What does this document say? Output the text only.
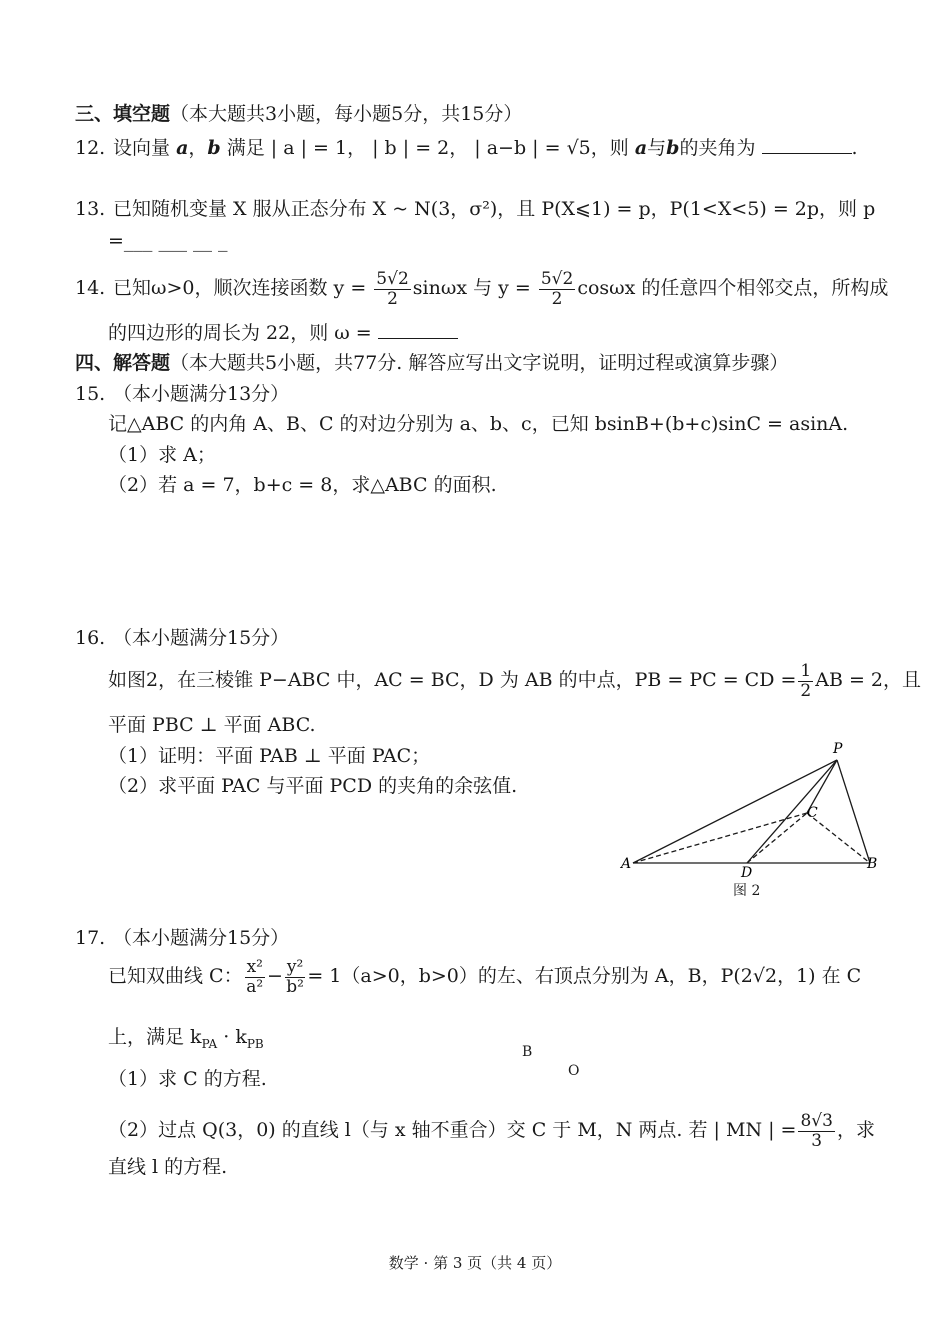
三、填空题（本大题共3小题，每小题5分，共15分）
12. 设向量 a，b 满足 | a | = 1， | b | = 2， | a−b | = √5，则 a与b的夹角为	.
13. 已知随机变量 X 服从正态分布 X ~ N(3，σ²)，且 P(X⩽1) = p，P(1<X<5) = 2p，则 p
=___ ___ __ _
14. 已知ω>0，顺次连接函数 $y = \frac{5√2}{2}$ sinωx 与 $y = \frac{5√2}{2}$ cosωx 的任意四个相邻交点，所构成
的四边形的周长为 22，则 ω =
四、解答题（本大题共5小题，共77分. 解答应写出文字说明，证明过程或演算步骤）
15. （本小题满分13分）
记△ABC 的内角 A、B、C 的对边分别为 a、b、c，已知 bsinB+(b+c)sinC = asinA.
（1）求 A；
（2）若 a = 7，b+c = 8，求△ABC 的面积.
16. （本小题满分15分）
如图2，在三棱锥 P−ABC 中，AC = BC，D 为 AB 的中点，PB = PC = CD = $\frac{1}{2}$ AB = 2，且
平面 PBC ⊥ 平面 ABC.
（1）证明：平面 PAB ⊥ 平面 PAC；
（2）求平面 PAC 与平面 PCD 的夹角的余弦值.
P
A	B
C
D
图 2
17. （本小题满分15分）
已知双曲线 C： $\frac{\text{x²}}{\text{a²}} - \frac{\text{y²}}{\text{b²}} = 1(a>0$，b>0）的左、右顶点分别为 A，B，P(2√2，1) 在 C
上，满足 $k_{PA} \cdot k_{PB}$
B
O
（1）求 C 的方程.
（2）过点 Q(3，0) 的直线 l（与 x 轴不重合）交 C 于 M，N 两点. 若 | MN | = $\frac{8√3}{3}$ ，求
直线 l 的方程.
数学 · 第 3 页（共 4 页）
